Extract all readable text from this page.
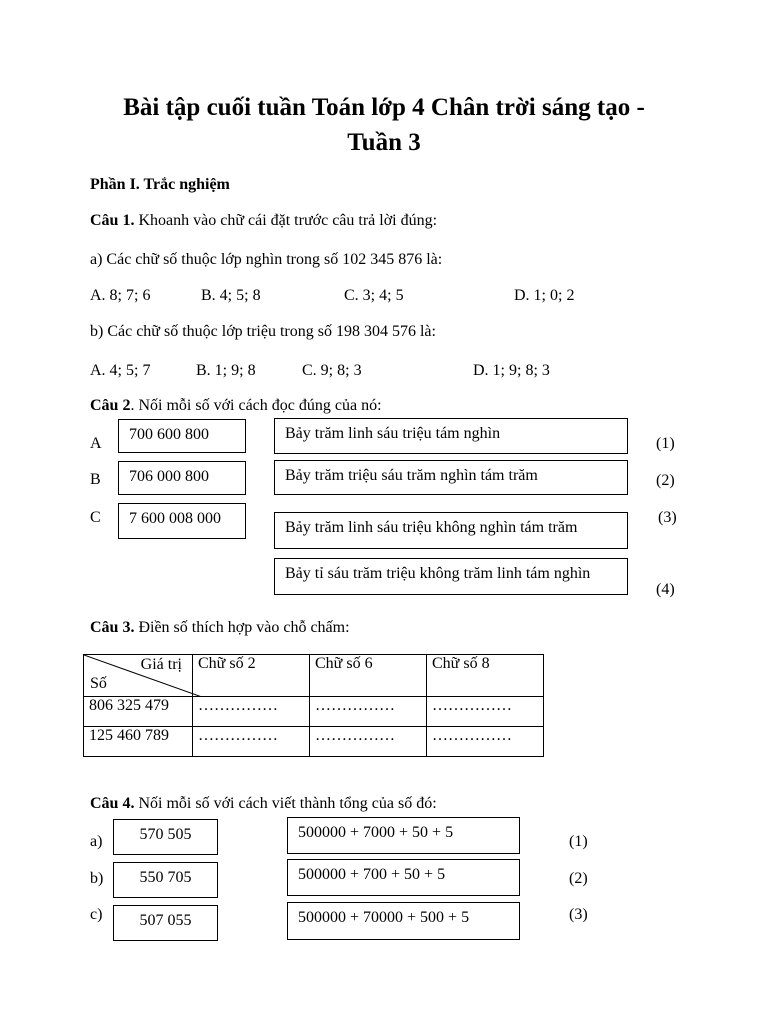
Bài tập cuối tuần Toán lớp 4 Chân trời sáng tạo -
Tuần 3
Phần I. Trắc nghiệm
Câu 1. Khoanh vào chữ cái đặt trước câu trả lời đúng:
a) Các chữ số thuộc lớp nghìn trong số 102 345 876 là:
A. 8; 7; 6	B. 4; 5; 8	C. 3; 4; 5	D. 1; 0; 2
b) Các chữ số thuộc lớp triệu trong số 198 304 576 là:
A. 4; 5; 7	B. 1; 9; 8	C. 9; 8; 3	D. 1; 9; 8; 3
Câu 2. Nối mỗi số với cách đọc đúng của nó:
A
B
C
700 600 800
706 000 800
7 600 008 000
Bảy trăm linh sáu triệu tám nghìn
Bảy trăm triệu sáu trăm nghìn tám trăm
Bảy trăm linh sáu triệu không nghìn tám trăm
Bảy tỉ sáu trăm triệu không trăm linh tám nghìn
(1)
(2)
(3)
(4)
Câu 3. Điền số thích hợp vào chỗ chấm:
Giá trị
Số	Chữ số 2	Chữ số 6	Chữ số 8
806 325 479	……………	……………	……………
125 460 789	……………	……………	……………
Câu 4. Nối mỗi số với cách viết thành tổng của số đó:
a)
b)
c)
570 505
550 705
507 055
500000 + 7000 + 50 + 5
500000 + 700 + 50 + 5
500000 + 70000 + 500 + 5
(1)
(2)
(3)
